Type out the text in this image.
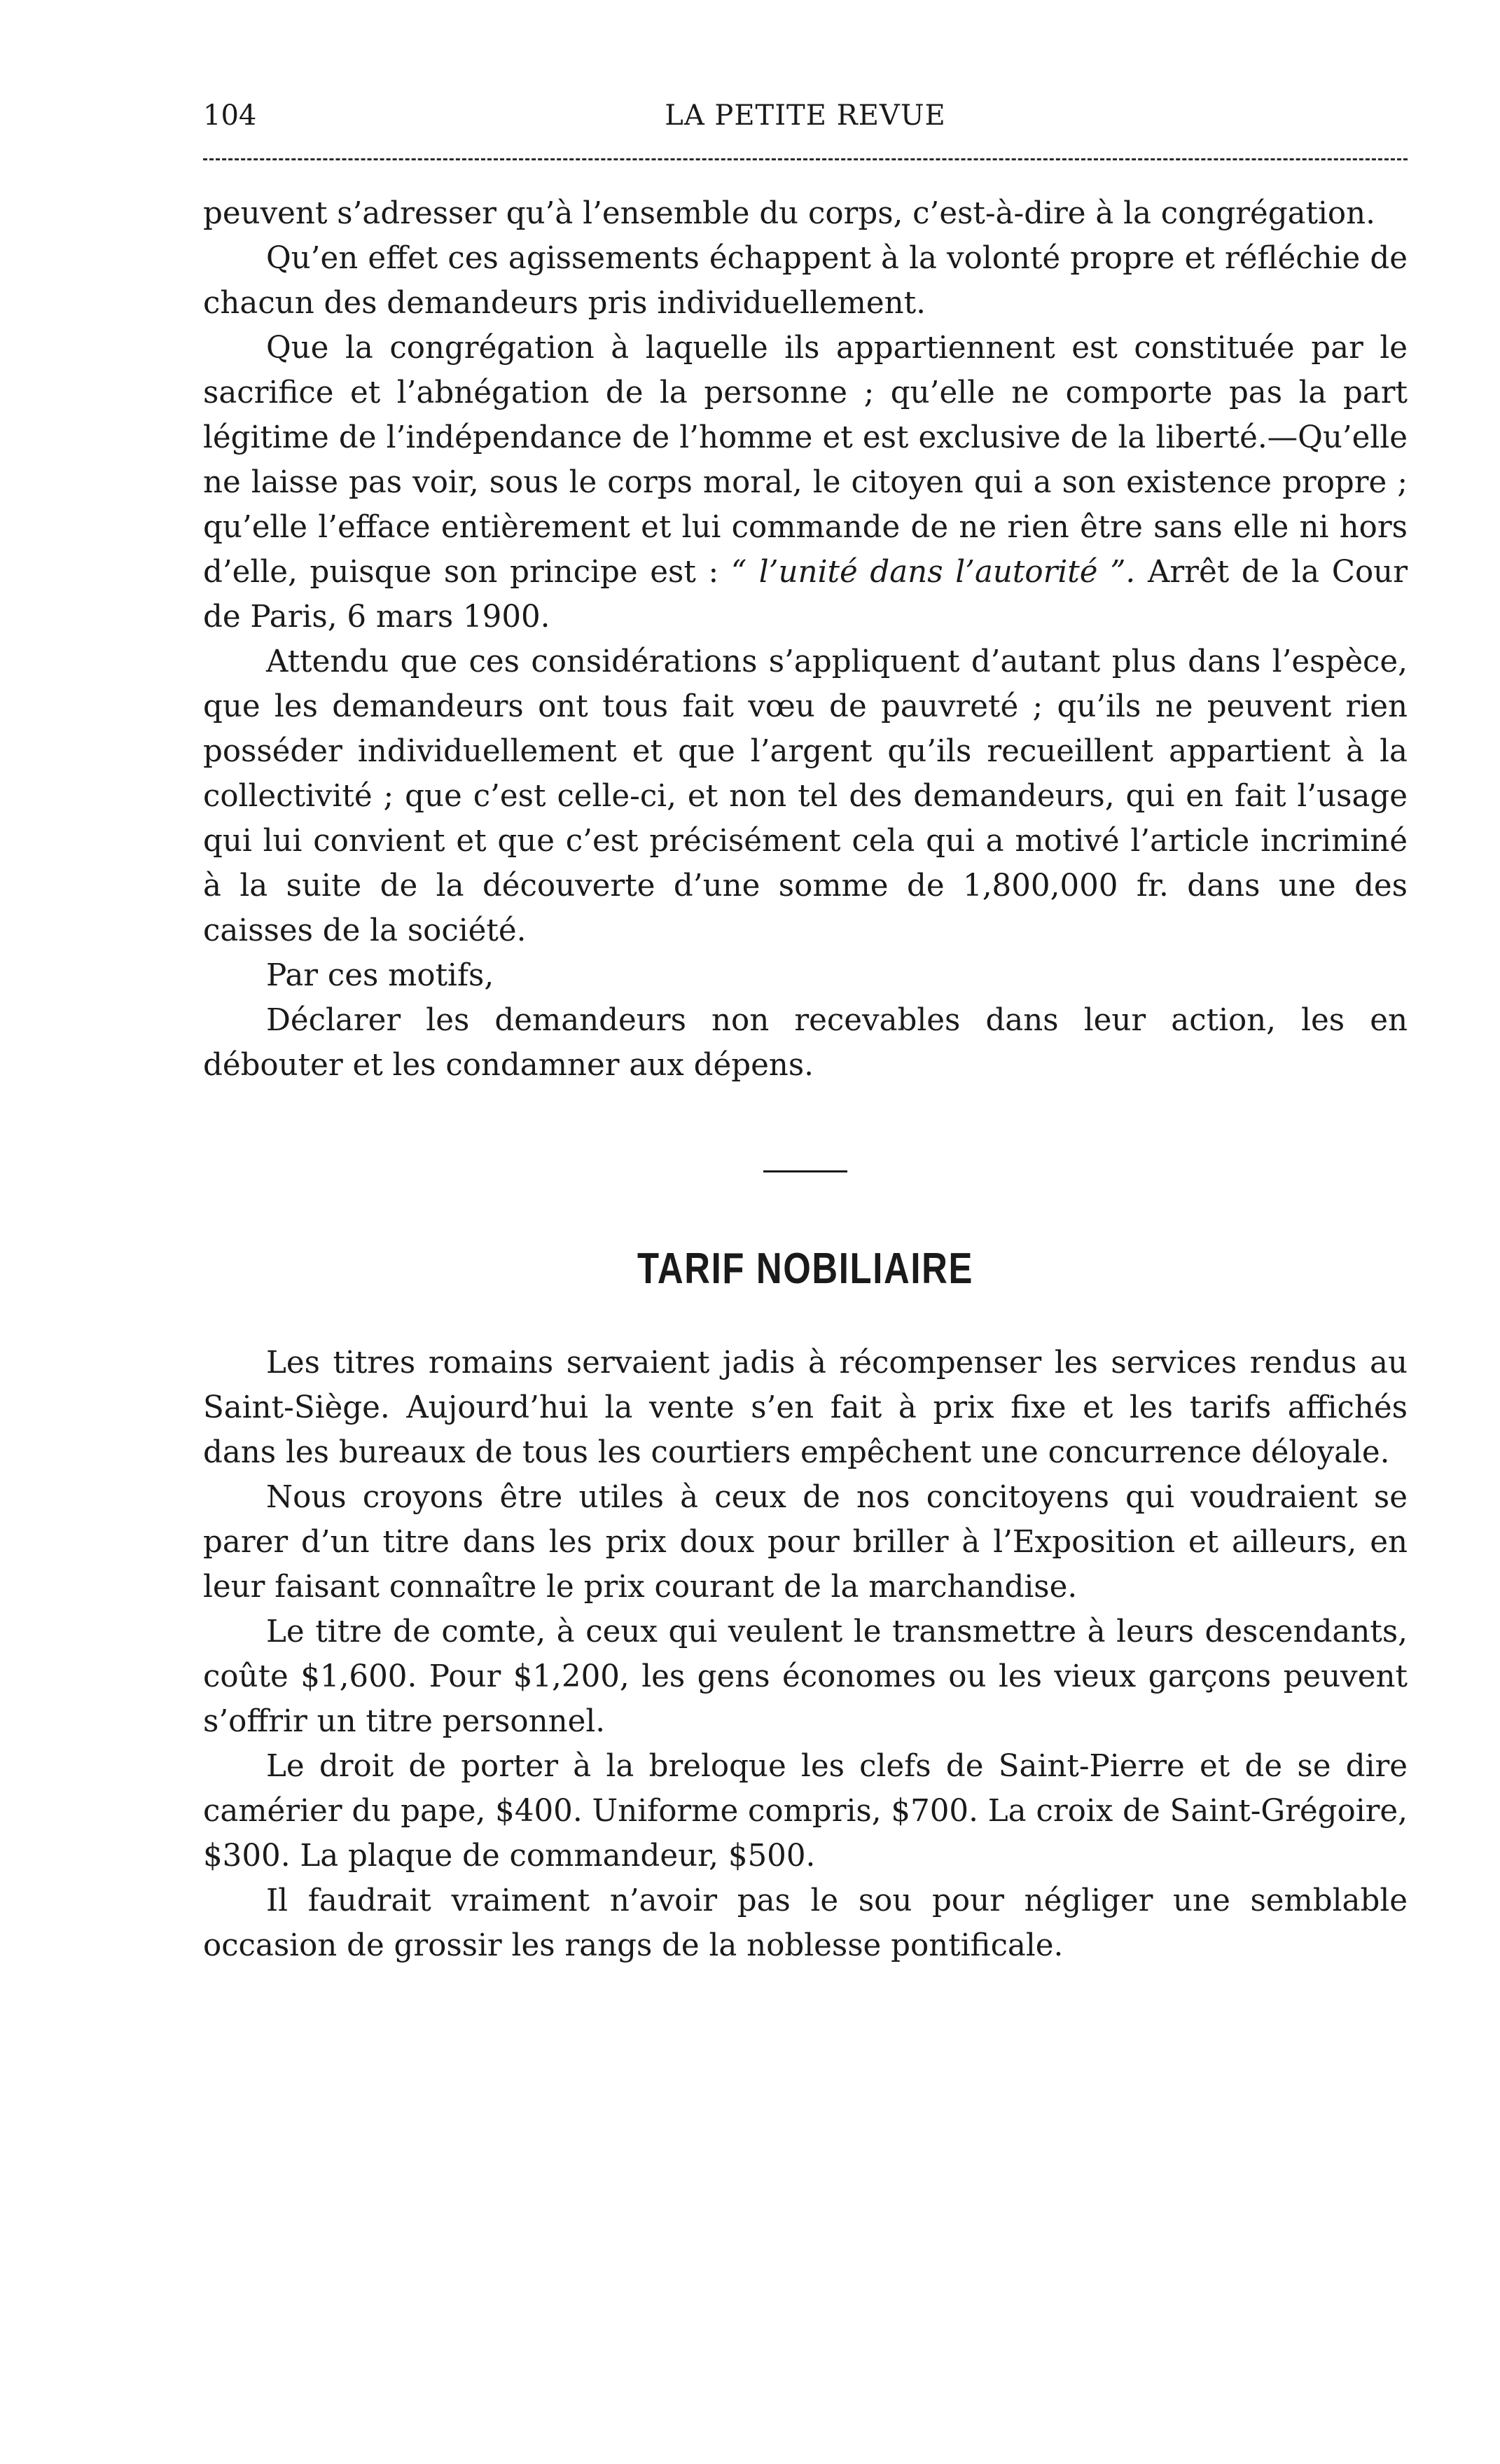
104	LA PETITE REVUE

peuvent s’adresser qu’à l’ensemble du corps, c’est-à-dire à la congrégation.

Qu’en effet ces agissements échappent à la volonté propre et réfléchie de chacun des demandeurs pris individuellement.

Que la congrégation à laquelle ils appartiennent est constituée par le sacrifice et l’abnégation de la personne ; qu’elle ne comporte pas la part légitime de l’indépendance de l’homme et est exclusive de la liberté.—Qu’elle ne laisse pas voir, sous le corps moral, le citoyen qui a son existence propre ; qu’elle l’efface entièrement et lui commande de ne rien être sans elle ni hors d’elle, puisque son principe est : “ l’unité dans l’autorité ”. Arrêt de la Cour de Paris, 6 mars 1900.

Attendu que ces considérations s’appliquent d’autant plus dans l’espèce, que les demandeurs ont tous fait vœu de pauvreté ; qu’ils ne peuvent rien posséder individuellement et que l’argent qu’ils recueillent appartient à la collectivité ; que c’est celle-ci, et non tel des demandeurs, qui en fait l’usage qui lui convient et que c’est précisément cela qui a motivé l’article incriminé à la suite de la découverte d’une somme de 1,800,000 fr. dans une des caisses de la société.

Par ces motifs,

Déclarer les demandeurs non recevables dans leur action, les en débouter et les condamner aux dépens.

TARIF NOBILIAIRE

Les titres romains servaient jadis à récompenser les services rendus au Saint-Siège. Aujourd’hui la vente s’en fait à prix fixe et les tarifs affichés dans les bureaux de tous les courtiers empêchent une concurrence déloyale.

Nous croyons être utiles à ceux de nos concitoyens qui voudraient se parer d’un titre dans les prix doux pour briller à l’Exposition et ailleurs, en leur faisant connaître le prix courant de la marchandise.

Le titre de comte, à ceux qui veulent le transmettre à leurs descendants, coûte $1,600. Pour $1,200, les gens économes ou les vieux garçons peuvent s’offrir un titre personnel.

Le droit de porter à la breloque les clefs de Saint-Pierre et de se dire camérier du pape, $400. Uniforme compris, $700. La croix de Saint-Grégoire, $300. La plaque de commandeur, $500.

Il faudrait vraiment n’avoir pas le sou pour négliger une semblable occasion de grossir les rangs de la noblesse pontificale.
